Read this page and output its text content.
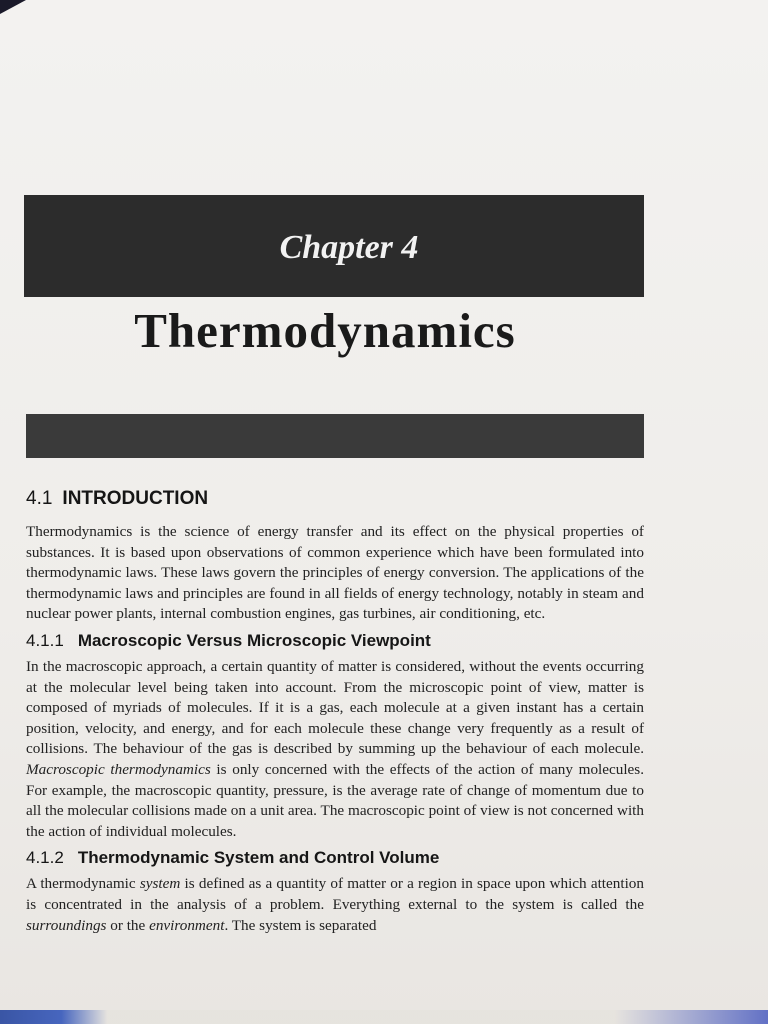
Chapter 4
Thermodynamics
4.1 INTRODUCTION

Thermodynamics is the science of energy transfer and its effect on the physical properties of substances. It is based upon observations of common experience which have been formulated into thermodynamic laws. These laws govern the principles of energy conversion. The applications of the thermodynamic laws and principles are found in all fields of energy technology, notably in steam and nuclear power plants, internal combustion engines, gas turbines, air conditioning, etc.

4.1.1 Macroscopic Versus Microscopic Viewpoint

In the macroscopic approach, a certain quantity of matter is considered, without the events occurring at the molecular level being taken into account. From the microscopic point of view, matter is composed of myriads of molecules. If it is a gas, each molecule at a given instant has a certain position, velocity, and energy, and for each molecule these change very frequently as a result of collisions. The behaviour of the gas is described by summing up the behaviour of each molecule. Macroscopic thermodynamics is only concerned with the effects of the action of many molecules. For example, the macroscopic quantity, pressure, is the average rate of change of momentum due to all the molecular collisions made on a unit area. The macroscopic point of view is not concerned with the action of individual molecules.

4.1.2 Thermodynamic System and Control Volume

A thermodynamic system is defined as a quantity of matter or a region in space upon which attention is concentrated in the analysis of a problem. Everything external to the system is called the surroundings or the environment. The system is separated
